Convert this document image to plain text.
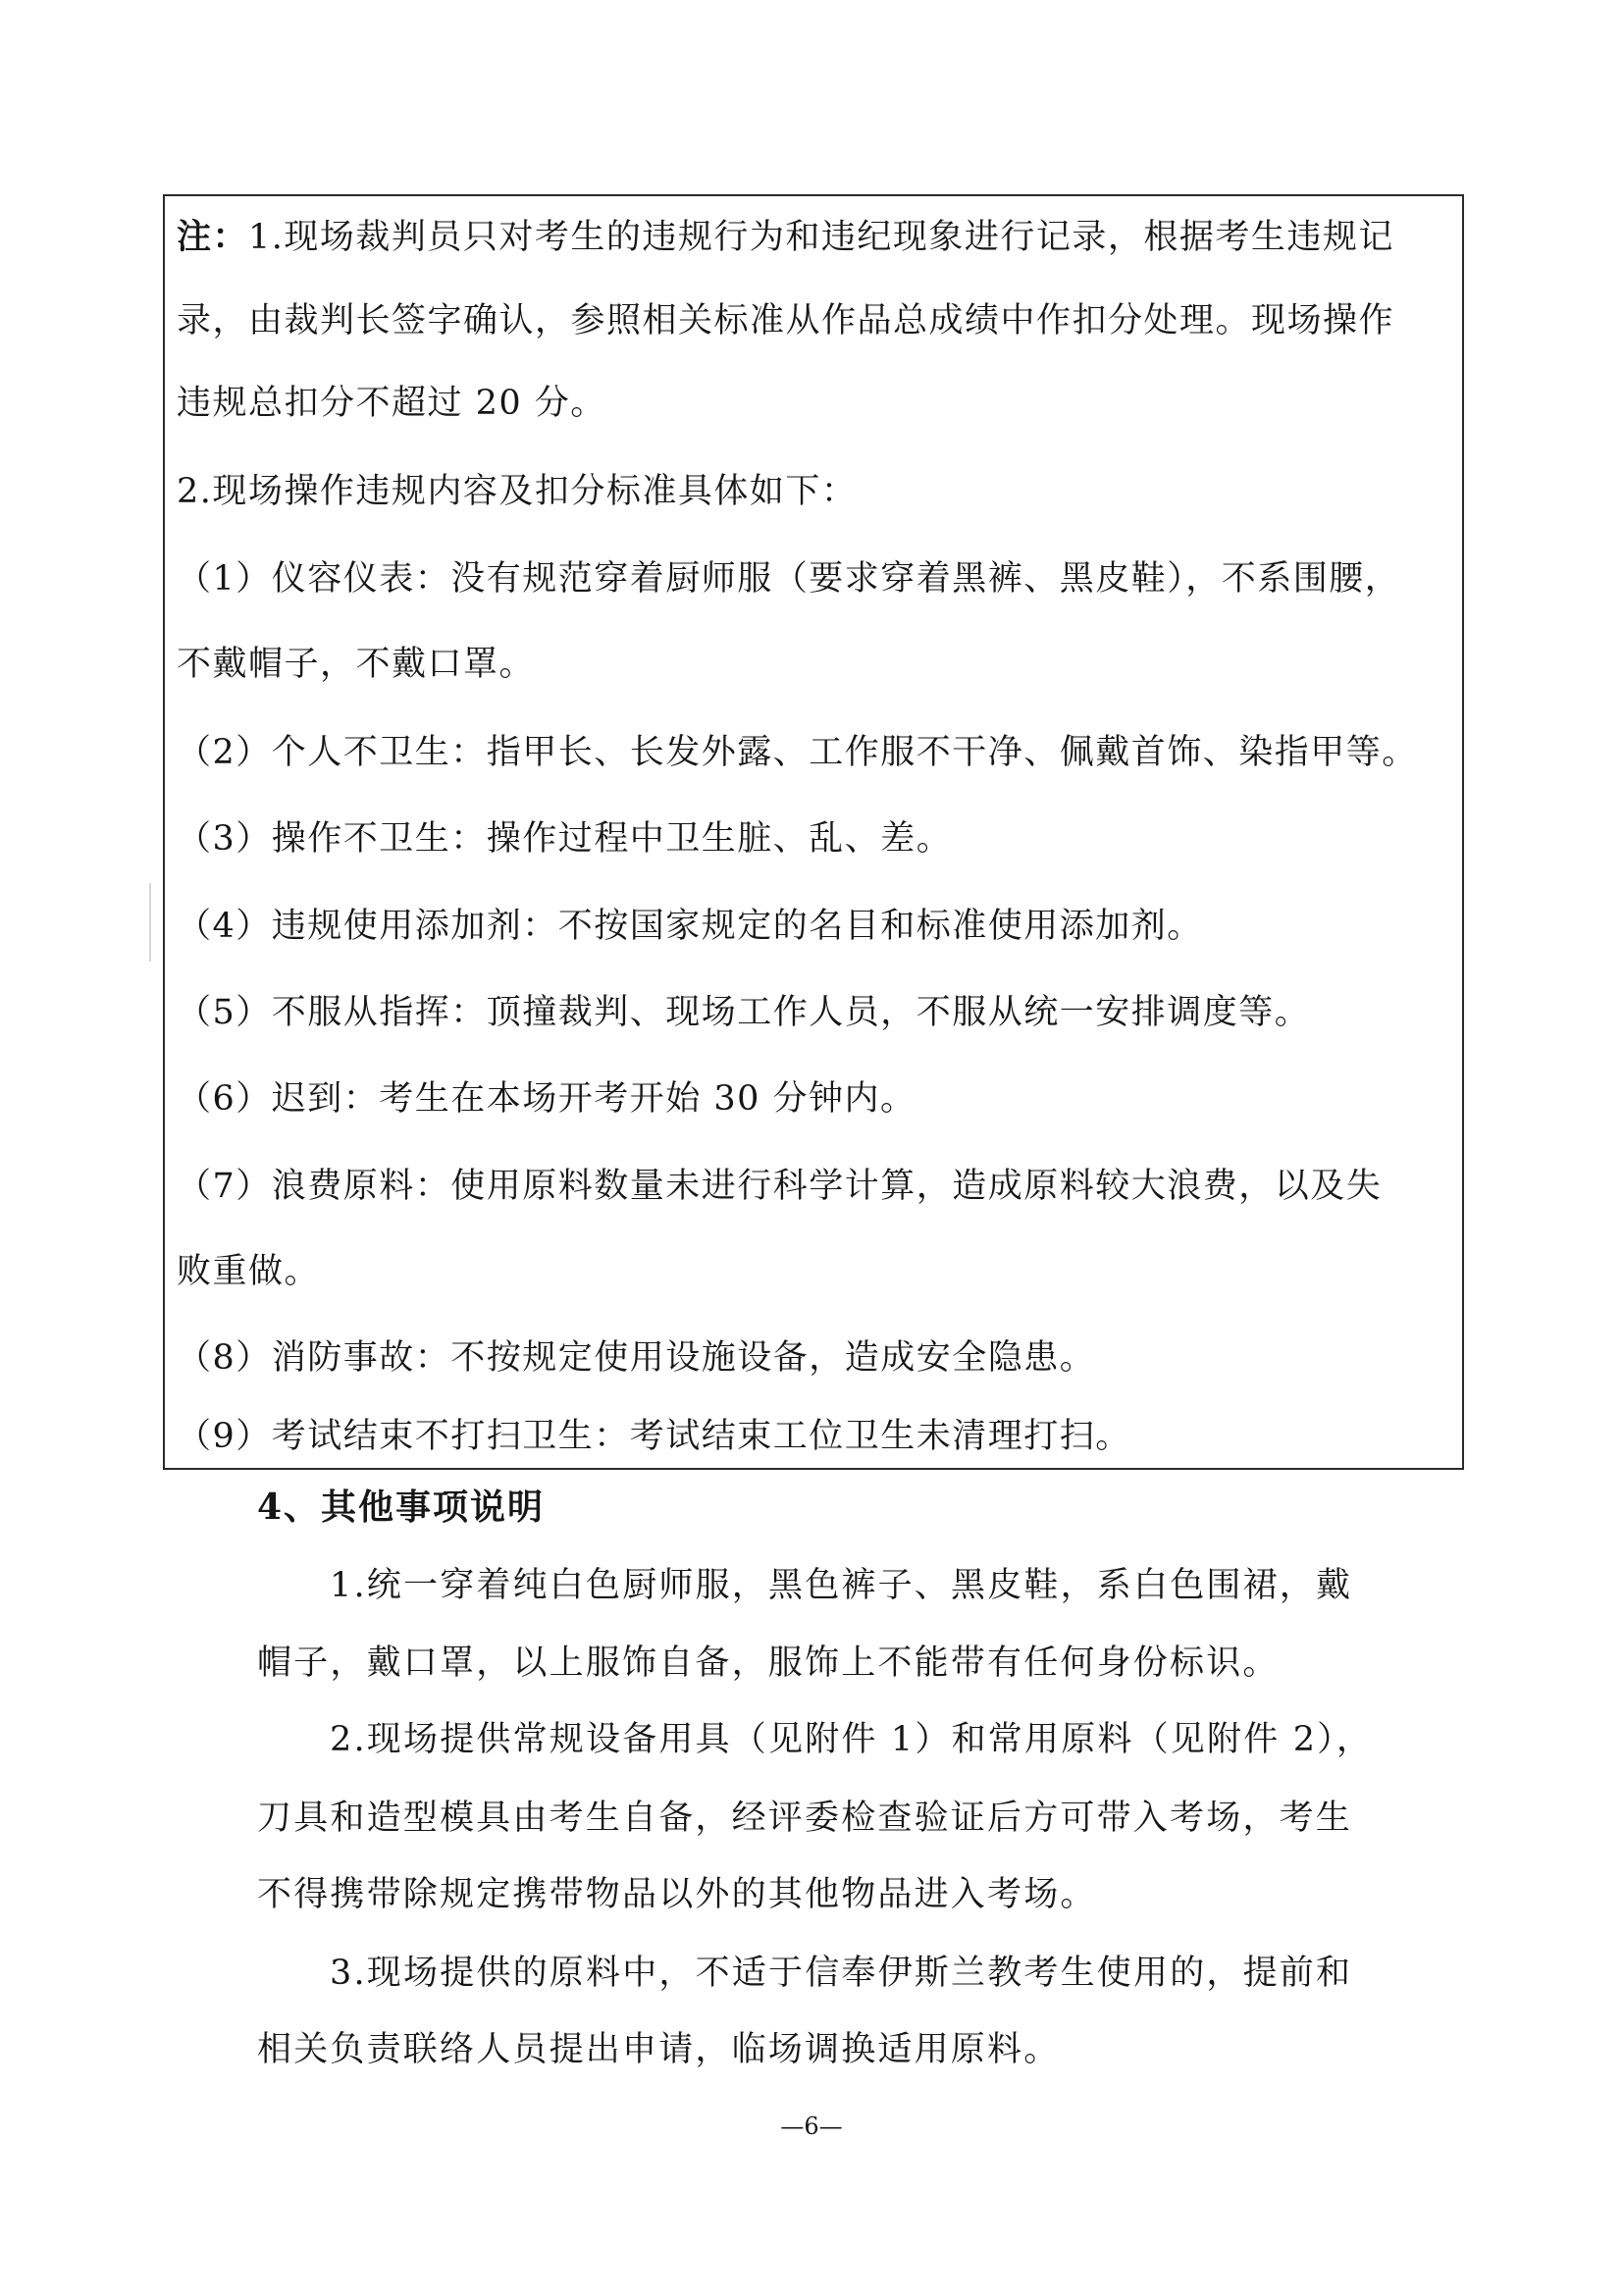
注：1.现场裁判员只对考生的违规行为和违纪现象进行记录，根据考生违规记

录，由裁判长签字确认，参照相关标准从作品总成绩中作扣分处理。现场操作

违规总扣分不超过 20 分。

2.现场操作违规内容及扣分标准具体如下：

（1）仪容仪表：没有规范穿着厨师服（要求穿着黑裤、黑皮鞋），不系围腰，

不戴帽子，不戴口罩。

（2）个人不卫生：指甲长、长发外露、工作服不干净、佩戴首饰、染指甲等。

（3）操作不卫生：操作过程中卫生脏、乱、差。

（4）违规使用添加剂：不按国家规定的名目和标准使用添加剂。

（5）不服从指挥：顶撞裁判、现场工作人员，不服从统一安排调度等。

（6）迟到：考生在本场开考开始 30 分钟内。

（7）浪费原料：使用原料数量未进行科学计算，造成原料较大浪费，以及失

败重做。

（8）消防事故：不按规定使用设施设备，造成安全隐患。

（9）考试结束不打扫卫生：考试结束工位卫生未清理打扫。

4、其他事项说明

1.统一穿着纯白色厨师服，黑色裤子、黑皮鞋，系白色围裙，戴

帽子，戴口罩，以上服饰自备，服饰上不能带有任何身份标识。

2.现场提供常规设备用具（见附件 1）和常用原料（见附件 2），

刀具和造型模具由考生自备，经评委检查验证后方可带入考场，考生

不得携带除规定携带物品以外的其他物品进入考场。

3.现场提供的原料中，不适于信奉伊斯兰教考生使用的，提前和

相关负责联络人员提出申请，临场调换适用原料。

—6—
